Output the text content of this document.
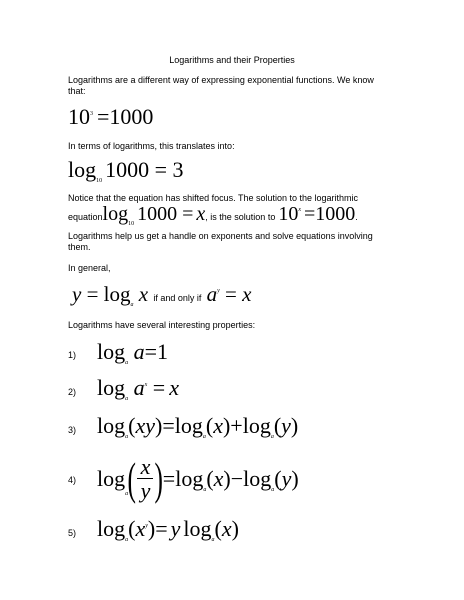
Logarithms and their Properties
Logarithms are a different way of expressing exponential functions. We know
that:
$10^3 =1000$
In terms of logarithms, this translates into:
$\log_{10} 1000 = 3$
Notice that the equation has shifted focus. The solution to the logarithmic
equationlog$_{10}$ 1000 = x, is the solution to $10^x =1000$.
Logarithms help us get a handle on exponents and solve equations involving
them.
In general,
$y = \log_a x$ if and only if $a^y = x$
Logarithms have several interesting properties:
1) $\log_a a=1$
2) $\log_a a^x = x$
3) $\log_a(xy)=\log_a(x)+\log_a(y)$
4) log
a ( $\frac{x}{y}$ ) = log a ( x ) − log a ( y )
5) $\log_a(x^y)= y$ $\log_a(x)$
